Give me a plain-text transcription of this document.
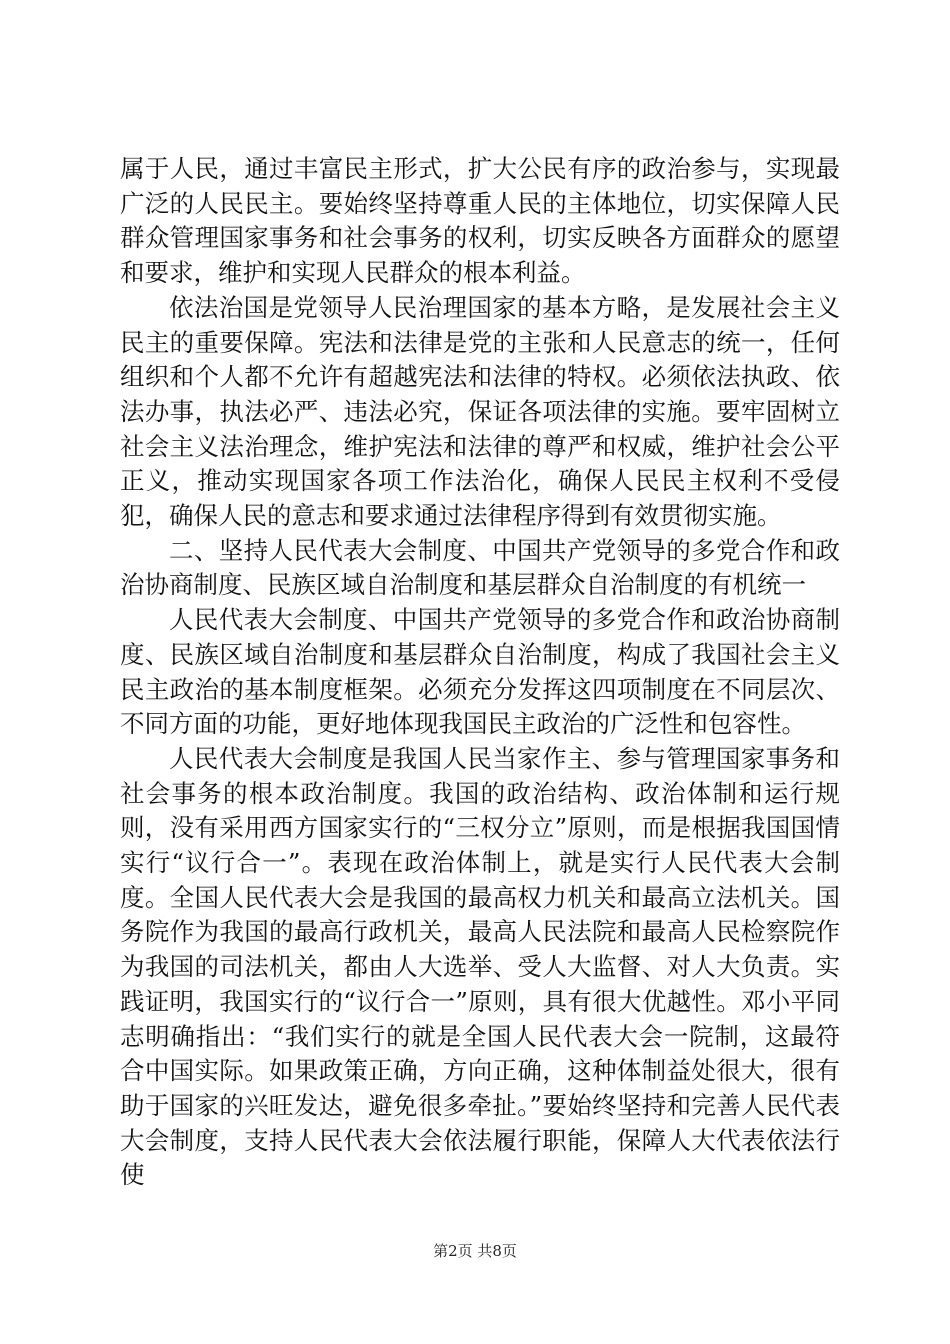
属于人民，通过丰富民主形式，扩大公民有序的政治参与，实现最广泛的人民民主。要始终坚持尊重人民的主体地位，切实保障人民群众管理国家事务和社会事务的权利，切实反映各方面群众的愿望和要求，维护和实现人民群众的根本利益。

依法治国是党领导人民治理国家的基本方略，是发展社会主义民主的重要保障。宪法和法律是党的主张和人民意志的统一，任何组织和个人都不允许有超越宪法和法律的特权。必须依法执政、依法办事，执法必严、违法必究，保证各项法律的实施。要牢固树立社会主义法治理念，维护宪法和法律的尊严和权威，维护社会公平正义，推动实现国家各项工作法治化，确保人民民主权利不受侵犯，确保人民的意志和要求通过法律程序得到有效贯彻实施。

二、坚持人民代表大会制度、中国共产党领导的多党合作和政治协商制度、民族区域自治制度和基层群众自治制度的有机统一

人民代表大会制度、中国共产党领导的多党合作和政治协商制度、民族区域自治制度和基层群众自治制度，构成了我国社会主义民主政治的基本制度框架。必须充分发挥这四项制度在不同层次、不同方面的功能，更好地体现我国民主政治的广泛性和包容性。

人民代表大会制度是我国人民当家作主、参与管理国家事务和社会事务的根本政治制度。我国的政治结构、政治体制和运行规则，没有采用西方国家实行的“三权分立”原则，而是根据我国国情实行“议行合一”。表现在政治体制上，就是实行人民代表大会制度。全国人民代表大会是我国的最高权力机关和最高立法机关。国务院作为我国的最高行政机关，最高人民法院和最高人民检察院作为我国的司法机关，都由人大选举、受人大监督、对人大负责。实践证明，我国实行的“议行合一”原则，具有很大优越性。邓小平同志明确指出：“我们实行的就是全国人民代表大会一院制，这最符合中国实际。如果政策正确，方向正确，这种体制益处很大，很有助于国家的兴旺发达，避免很多牵扯。”要始终坚持和完善人民代表大会制度，支持人民代表大会依法履行职能，保障人大代表依法行使

第2页 共8页
